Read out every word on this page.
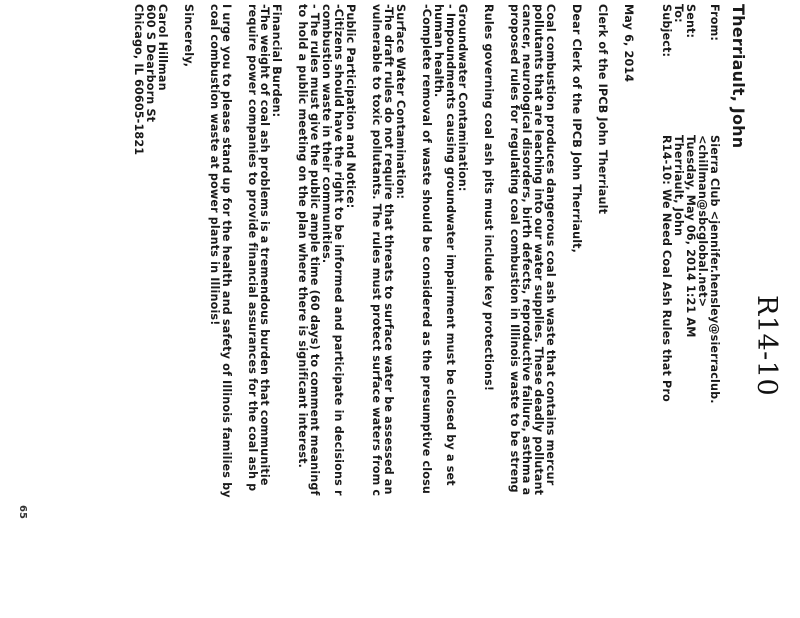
R14-10
Therriault, John
From:
Sierra Club <jennifer.hensley@sierraclub.
<chillman@sbcglobal.net>
Sent:
Tuesday, May 06, 2014 1:21 AM
To:
Therriault, John
Subject:
R14-10: We Need Coal Ash Rules that Pro
May 6, 2014
Clerk of the IPCB John Therriault
Dear Clerk of the IPCB John Therriault,
Coal combustion produces dangerous coal ash waste that contains mercur
pollutants that are leaching into our water supplies. These deadly pollutant
cancer, neurological disorders, birth defects, reproductive failure, asthma a
proposed rules for regulating coal combustion in Illinois waste to be streng
Rules governing coal ash pits must include key protections!
Groundwater Contamination:
- Impoundments causing groundwater impairment must be closed by a set
human health.
-Complete removal of waste should be considered as the presumptive closu
Surface Water Contamination:
-The draft rules do not require that threats to surface water be assessed an
vulnerable to toxic pollutants. The rules must protect surface waters from c
Public Participation and Notice:
-Citizens should have the right to be informed and participate in decisions r
combustion waste in their communities.
- The rules must give the public ample time (60 days) to comment meaningf
to hold a public meeting on the plan where there is significant interest.
Financial Burden:
-The weight of coal ash problems is a tremendous burden that communitie
require power companies to provide financial assurances for the coal ash p
I urge you to please stand up for the health and safety of Illinois families by
coal combustion waste at power plants in Illinois!
Sincerely,
Carol Hillman
600 S Dearborn St
Chicago, IL 60605-1821
65
